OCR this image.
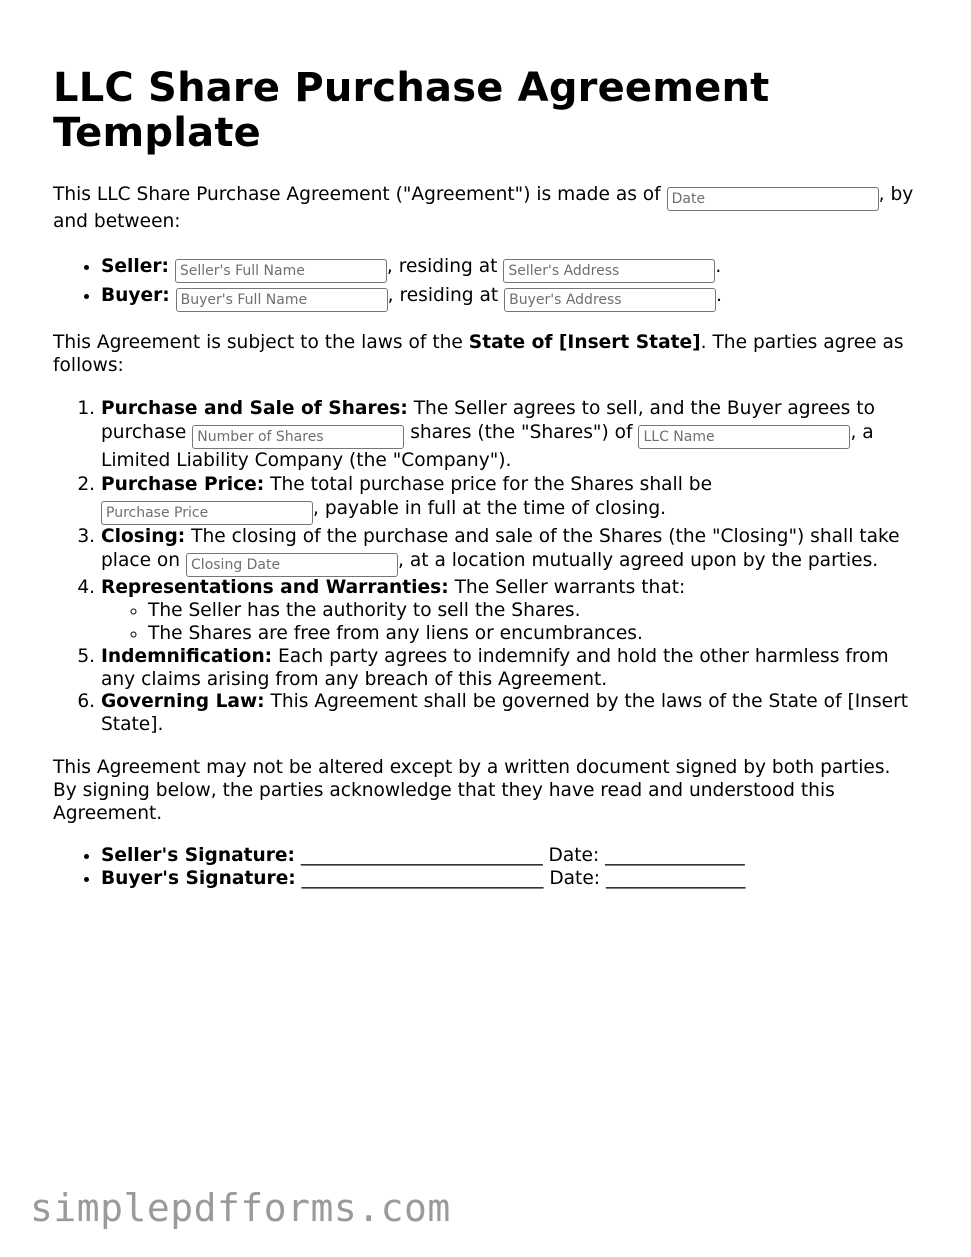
LLC Share Purchase Agreement Template

This LLC Share Purchase Agreement ("Agreement") is made as of Date	, by and between:

• Seller: Seller's Full Name	, residing at Seller's Address	.
• Buyer: Buyer's Full Name	, residing at Buyer's Address	.

This Agreement is subject to the laws of the State of [Insert State]. The parties agree as follows:

1. Purchase and Sale of Shares: The Seller agrees to sell, and the Buyer agrees to purchase Number of Shares	shares (the "Shares") of LLC Name	, a Limited Liability Company (the "Company").
2. Purchase Price: The total purchase price for the Shares shall be Purchase Price, payable in full at the time of closing.
3. Closing: The closing of the purchase and sale of the Shares (the "Closing") shall take place on Closing Date	, at a location mutually agreed upon by the parties.
4. Representations and Warranties: The Seller warrants that:
◦ The Seller has the authority to sell the Shares.
◦ The Shares are free from any liens or encumbrances.
5. Indemnification: Each party agrees to indemnify and hold the other harmless from any claims arising from any breach of this Agreement.
6. Governing Law: This Agreement shall be governed by the laws of the State of [Insert State].

This Agreement may not be altered except by a written document signed by both parties. By signing below, the parties acknowledge that they have read and understood this Agreement.

• Seller's Signature: __________________________ Date: _______________
• Buyer's Signature: __________________________ Date: _______________
simplepdfforms.com
